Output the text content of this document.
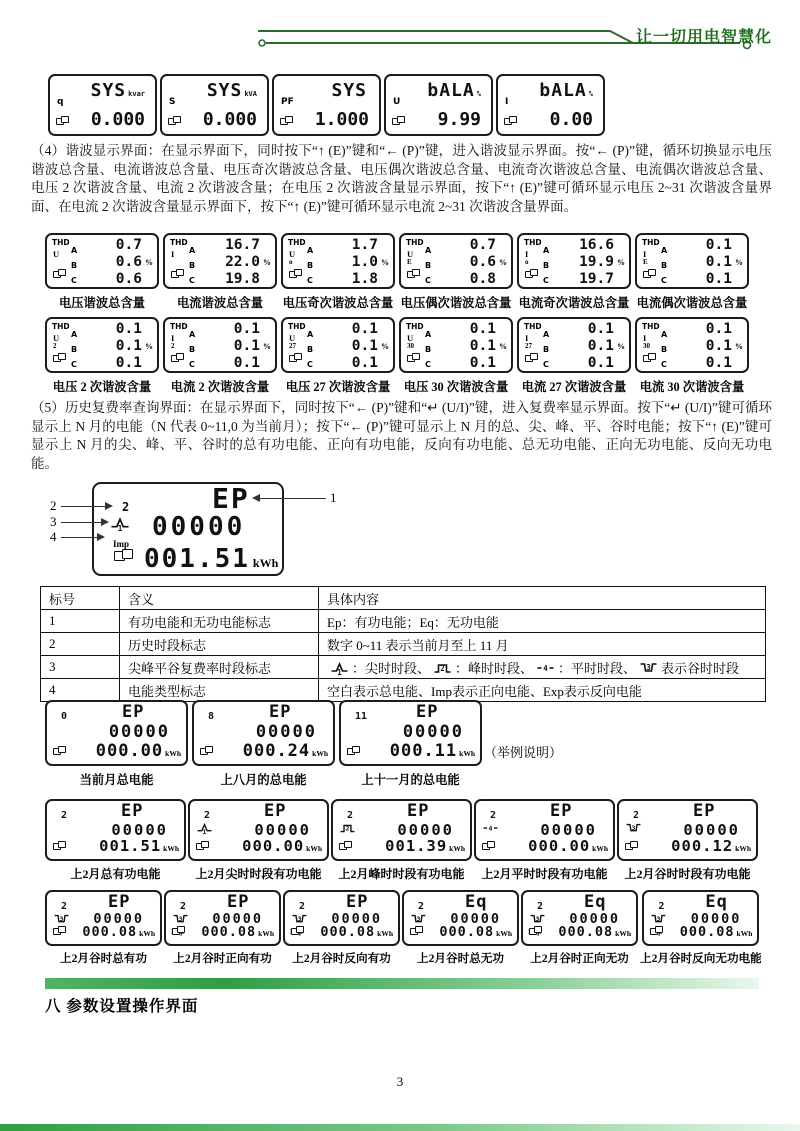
让一切用电智慧化
q
SYS kvar
0.000
S
SYS kVA
0.000
PF
SYS
1.000
U
bALA %
9.99
I
bALA %
0.00
（4）谐波显示界面：在显示界面下，同时按下“↑ (E)”键和“← (P)”键，进入谐波显示界面。按“← (P)”键，循环切换显示电压谐波总含量、电流谐波总含量、电压奇次谐波总含量、电压偶次谐波总含量、电流奇次谐波总含量、电流偶次谐波总含量、电压 2 次谐波含量、电流 2 次谐波含量；在电压 2 次谐波含量显示界面，按下“↑ (E)”键可循环显示电压 2~31 次谐波含量界面、在电流 2 次谐波含量显示界面下，按下“↑ (E)”键可循环显示电流 2~31 次谐波含量界面。
THD
U A
B
C
0.7
0.6
0.6
%
电压谐波总含量
THD
I A
B
C
16.7
22.0
19.8
%
电流谐波总含量
THD
U
o
A
B
C
1.7
1.0
1.8
%
电压奇次谐波总含量
THD
U
E
A
B
C
0.7
0.6
0.8
%
电压偶次谐波总含量
THD
I
o
A
B
C
16.6
19.9
19.7
%
电流奇次谐波总含量
THD
I
E
A
B
C
0.1
0.1
0.1
%
电流偶次谐波总含量
THD
U
2
A
B
C
0.1
0.1
0.1
%
电压 2 次谐波含量
THD
I
2
A
B
C
0.1
0.1
0.1
%
电流 2 次谐波含量
THD
U
27
A
B
C
0.1
0.1
0.1
%
电压 27 次谐波含量
THD
U
30
A
B
C
0.1
0.1
0.1
%
电压 30 次谐波含量
THD
I
27
A
B
C
0.1
0.1
0.1
%
电流 27 次谐波含量
THD
I
30
A
B
C
0.1
0.1
0.1
%
电流 30 次谐波含量
（5）历史复费率查询界面：在显示界面下，同时按下“← (P)”键和“↵ (U/I)”键，进入复费率显示界面。按下“↵ (U/I)”键可循环显示上 N 月的电能（N 代表 0~11,0 为当前月）；按下“← (P)”键可显示上 N 月的总、尖、峰、平、谷时电能；按下“↑ (E)”键可显示上 N 月的尖、峰、平、谷时的总有功电能、正向有功电能，反向有功电能、总无功电能、正向无功电能、反向无功电能。
1
2
3
4
EP
2
1
Imp
00000
001.51 kWh
标号	含义	具体内容
1	有功电能和无功电能标志	Ep：有功电能；Eq：无功电能
2	历史时段标志	数字 0~11 表示当前月至上 11 月
3	尖峰平谷复费率时段标志	1 ：尖时时段、 2 ：峰时时段、 4 ：平时时段、 3 表示谷时时段
4	电能类型标志	空白表示总电能、Imp表示正向电能、Exp表示反向电能
EP
0
00000
000.00 kWh
当前月总电能
EP
8
00000
000.24 kWh
上八月的总电能
EP
11
00000
000.11 kWh
上十一月的总电能
（举例说明）
EP
2
00000
001.51 kWh
上2月总有功电能
EP
2
1	00000
000.00 kWh
上2月尖时时段有功电能
EP
2
2	00000
001.39 kWh
上2月峰时时段有功电能
EP
2
4	00000
000.00 kWh
上2月平时时段有功电能
EP
2
3	00000
000.12 kWh
上2月谷时时段有功电能
EP
2
3 00000
000.08 kWh
上2月谷时总有功
EP
2
3 00000
000.08 kWh
上2月谷时正向有功
EP
2
3 00000
000.08 kWh
上2月谷时反向有功
Eq
2
3 00000
000.08 kWh
上2月谷时总无功
Eq
2
3 00000
000.08 kWh
上2月谷时正向无功
Eq
2
3 00000
000.08 kWh
上2月谷时反向无功电能
八 参数设置操作界面
3
